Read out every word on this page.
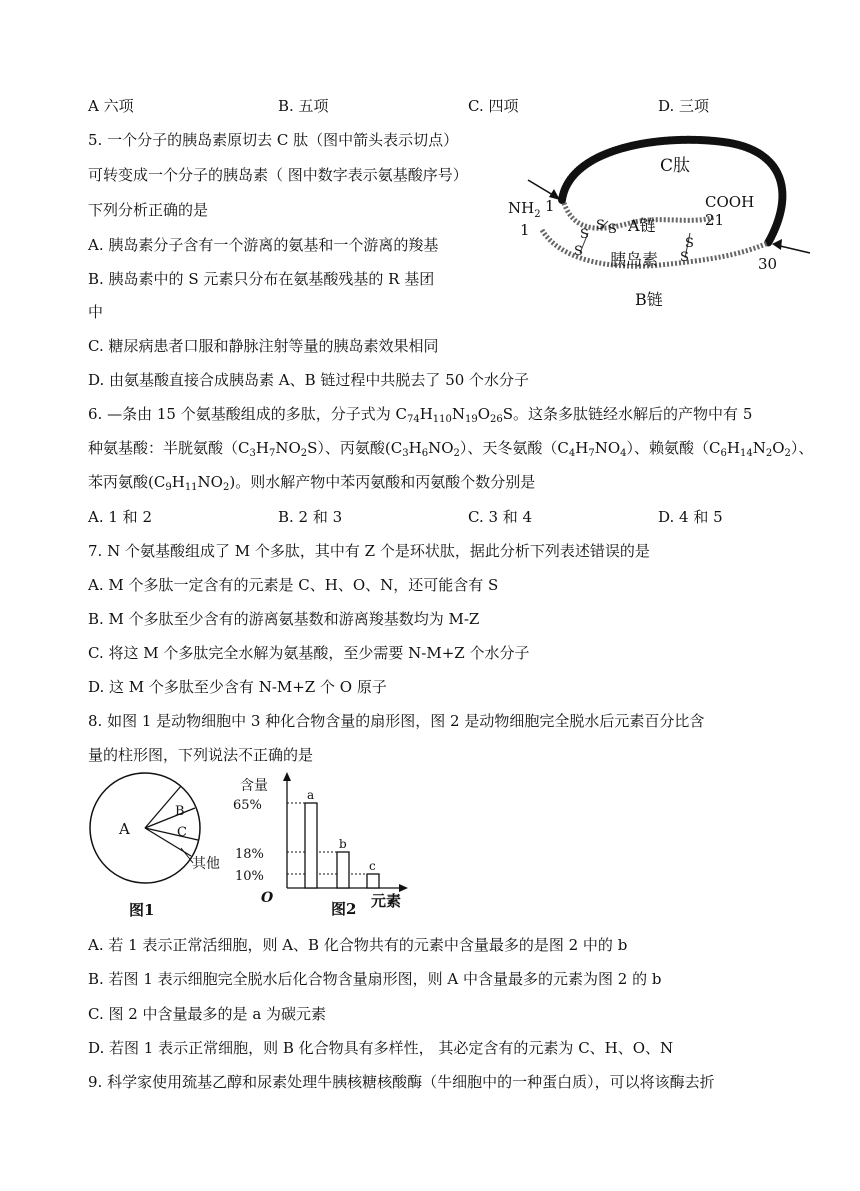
A 六项	B. 五项	C. 四项	D. 三项
5. 一个分子的胰岛素原切去 C 肽（图中箭头表示切点）
可转变成一个分子的胰岛素（ 图中数字表示氨基酸序号）
下列分析正确的是
A. 胰岛素分子含有一个游离的氨基和一个游离的羧基
B. 胰岛素中的 S 元素只分布在氨基酸残基的 R 基团
中
C. 糖尿病患者口服和静脉注射等量的胰岛素效果相同
D. 由氨基酸直接合成胰岛素 A、B 链过程中共脱去了 50 个水分子
C肽
$NH_2$ 1
1
COOH
21
30
A链
胰岛素
B链
S S
S
S
S
S
6. —条由 15 个氨基酸组成的多肽，分子式为 $C_{74}H_{110}N_{19}O_{26}S$。这条多肽链经水解后的产物中有 5
种氨基酸：半胱氨酸$(C_3H_7NO_2S)$、丙氨酸$(C_3H_6NO_2)$、天冬氨酸$(C_4H_7NO_4)$、赖氨酸$(C_6H_{14}N_2O_2)$、
苯丙氨酸$(C_9H_{11}NO_2)$。则水解产物中苯丙氨酸和丙氨酸个数分别是
A. 1 和 2	B. 2 和 3	C. 3 和 4	D. 4 和 5
7. N 个氨基酸组成了 M 个多肽，其中有 Z 个是环状肽，据此分析下列表述错误的是
A. M 个多肽一定含有的元素是 C、H、O、N，还可能含有 S
B. M 个多肽至少含有的游离氨基数和游离羧基数均为 M-Z
C. 将这 M 个多肽完全水解为氨基酸，至少需要 N-M+Z 个水分子
D. 这 M 个多肽至少含有 N-M+Z 个 O 原子
8. 如图 1 是动物细胞中 3 种化合物含量的扇形图，图 2 是动物细胞完全脱水后元素百分比含
量的柱形图，下列说法不正确的是
A
B
C
其他
图1
含量
65%
18%
10%
a
b
c
O
图2 元素
A. 若 1 表示正常活细胞，则 A、B 化合物共有的元素中含量最多的是图 2 中的 b
B. 若图 1 表示细胞完全脱水后化合物含量扇形图，则 A 中含量最多的元素为图 2 的 b
C. 图 2 中含量最多的是 a 为碳元素
D. 若图 1 表示正常细胞，则 B 化合物具有多样性， 其必定含有的元素为 C、H、O、N
9. 科学家使用巯基乙醇和尿素处理牛胰核糖核酸酶（牛细胞中的一种蛋白质），可以将该酶去折
